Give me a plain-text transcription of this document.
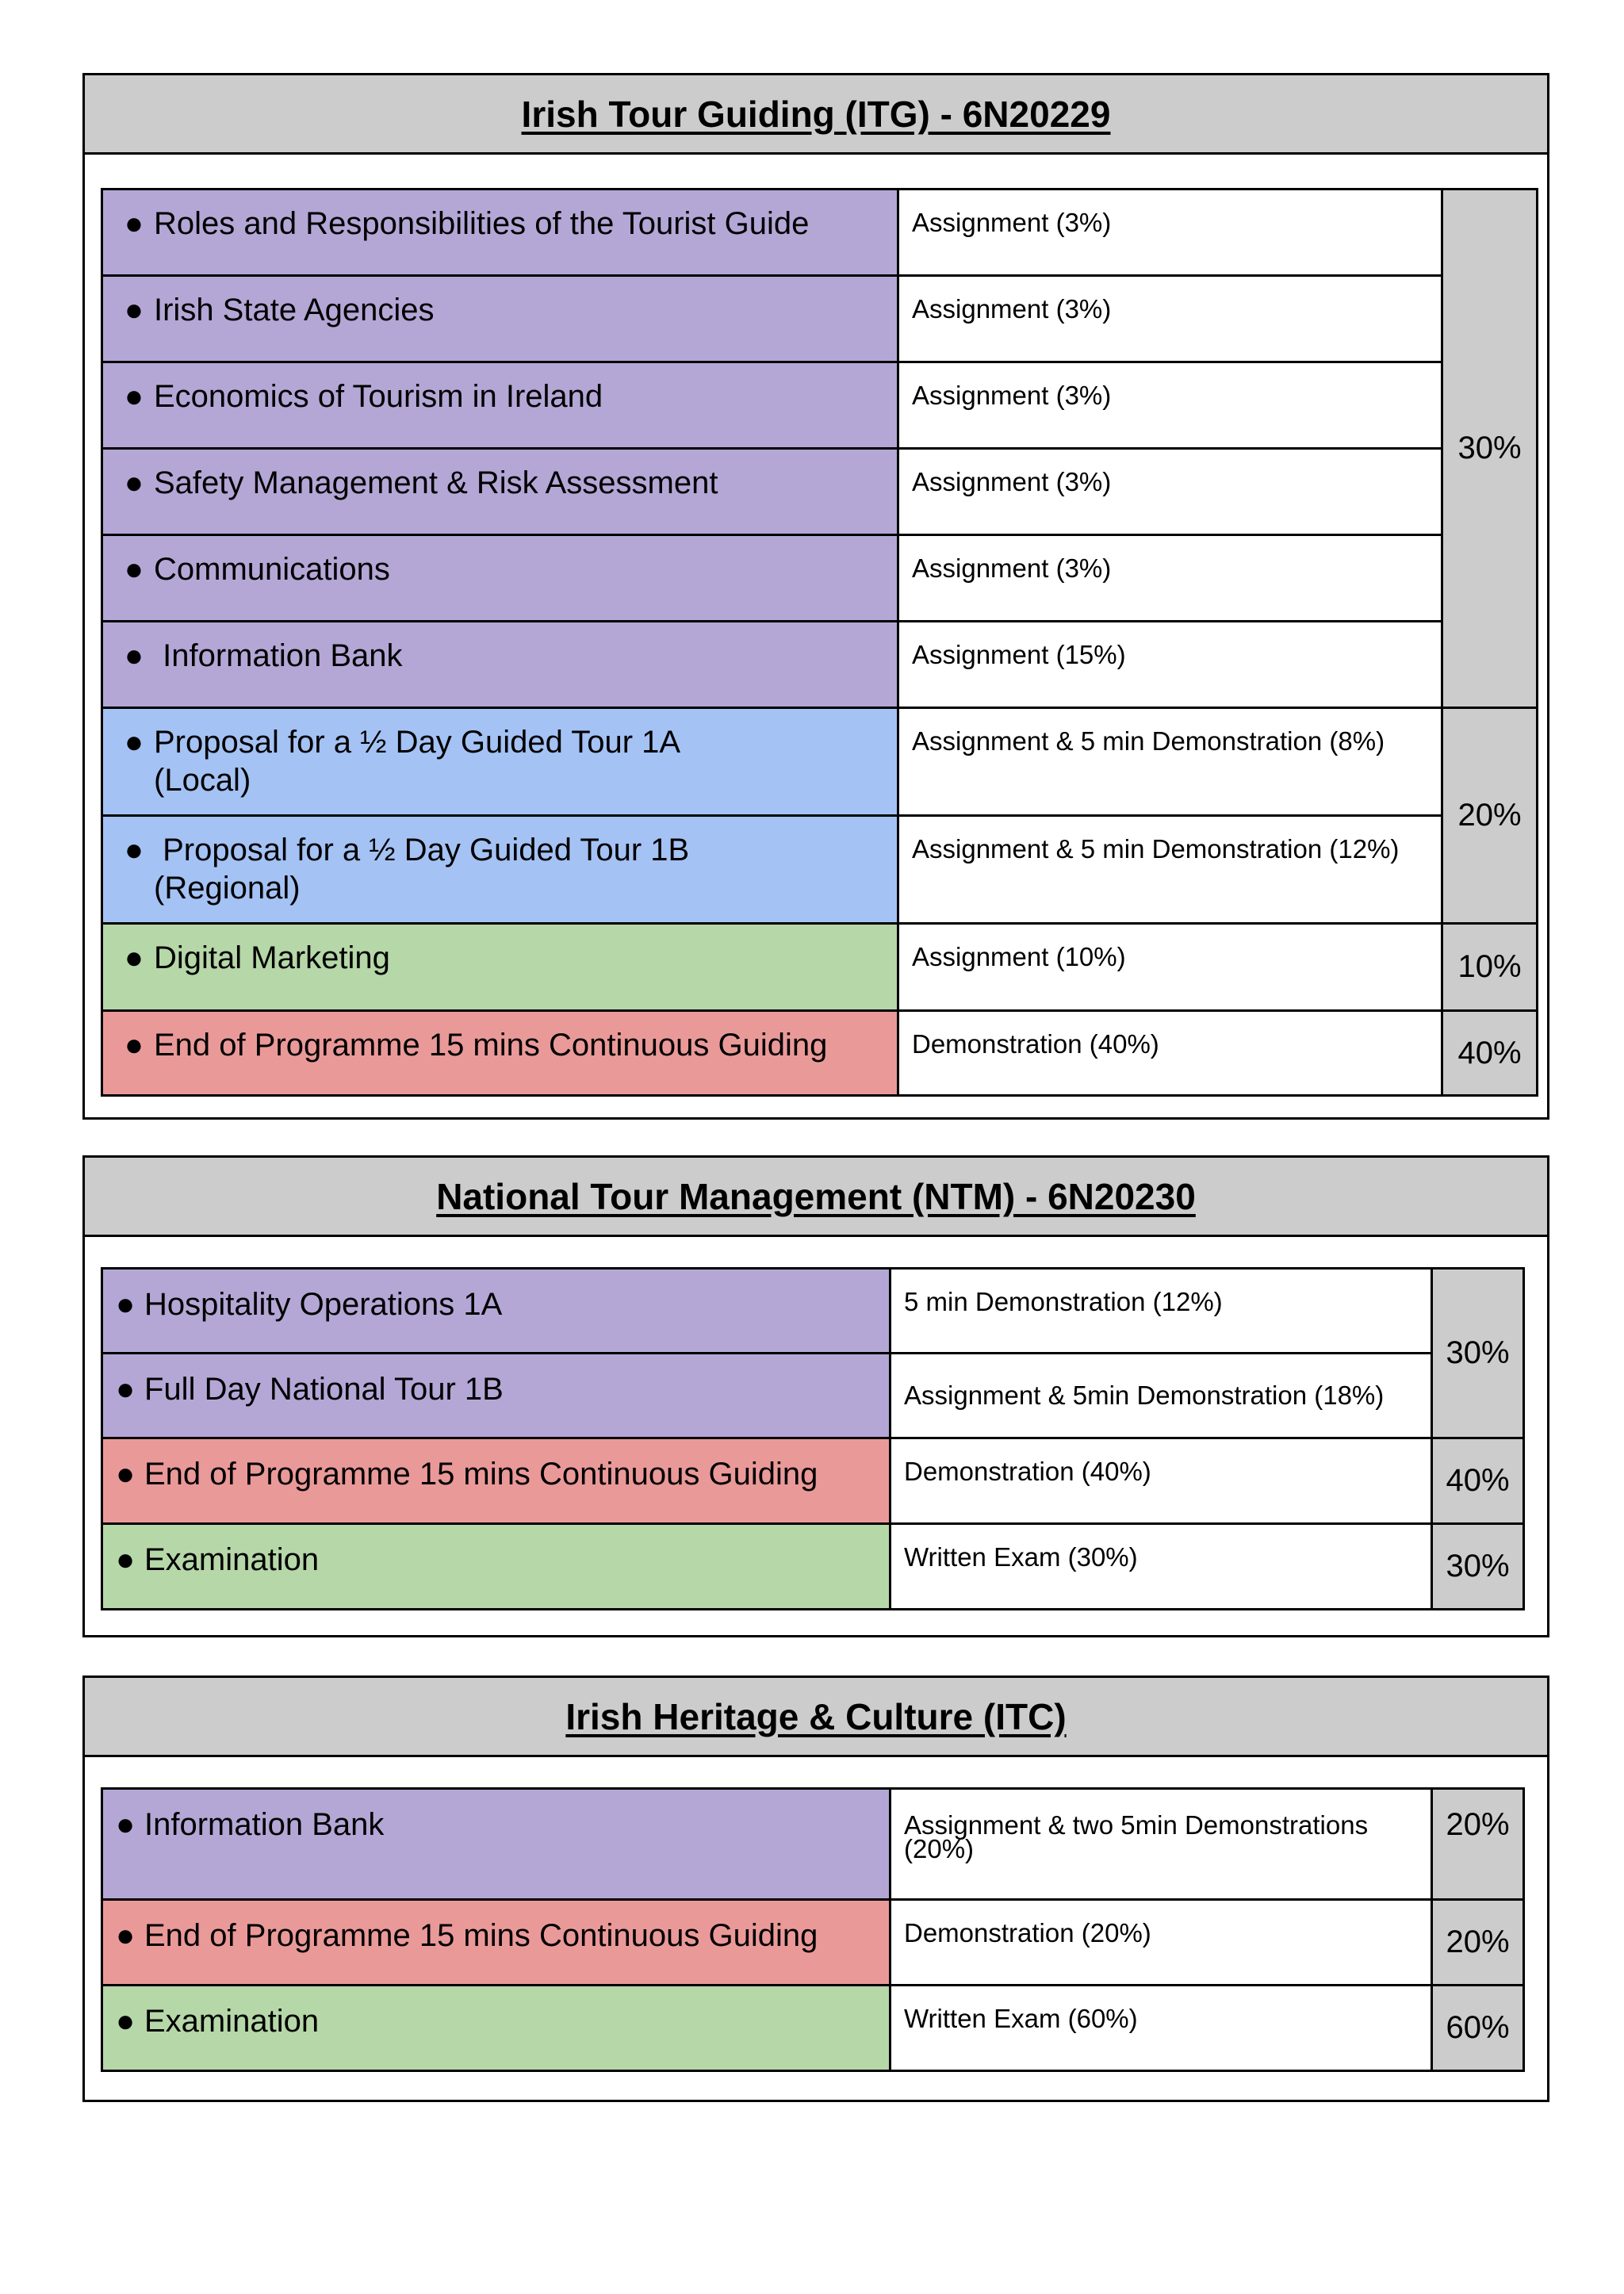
Irish Tour Guiding (ITG) - 6N20229
● Roles and Responsibilities of the Tourist Guide	Assignment (3%)	30%

● Irish State Agencies	Assignment (3%)	

● Economics of Tourism in Ireland	Assignment (3%)	

● Safety Management & Risk Assessment	Assignment (3%)	

● Communications	Assignment (3%)	

● Information Bank	Assignment (15%)	

● Proposal for a ½ Day Guided Tour 1A (Local)	Assignment & 5 min Demonstration (8%)	20%

● Proposal for a ½ Day Guided Tour 1B (Regional)	Assignment & 5 min Demonstration (12%)	

● Digital Marketing	Assignment (10%)	10%

● End of Programme 15 mins Continuous Guiding	Demonstration (40%)	40%
National Tour Management (NTM) - 6N20230
● Hospitality Operations 1A	5 min Demonstration (12%)	30%

● Full Day National Tour 1B	Assignment & 5min Demonstration (18%)	

● End of Programme 15 mins Continuous Guiding	Demonstration (40%)	40%

● Examination	Written Exam (30%)	30%
Irish Heritage & Culture (ITC)
● Information Bank	Assignment & two 5min Demonstrations (20%)	20%

● End of Programme 15 mins Continuous Guiding	Demonstration (20%)	20%

● Examination	Written Exam (60%)	60%
